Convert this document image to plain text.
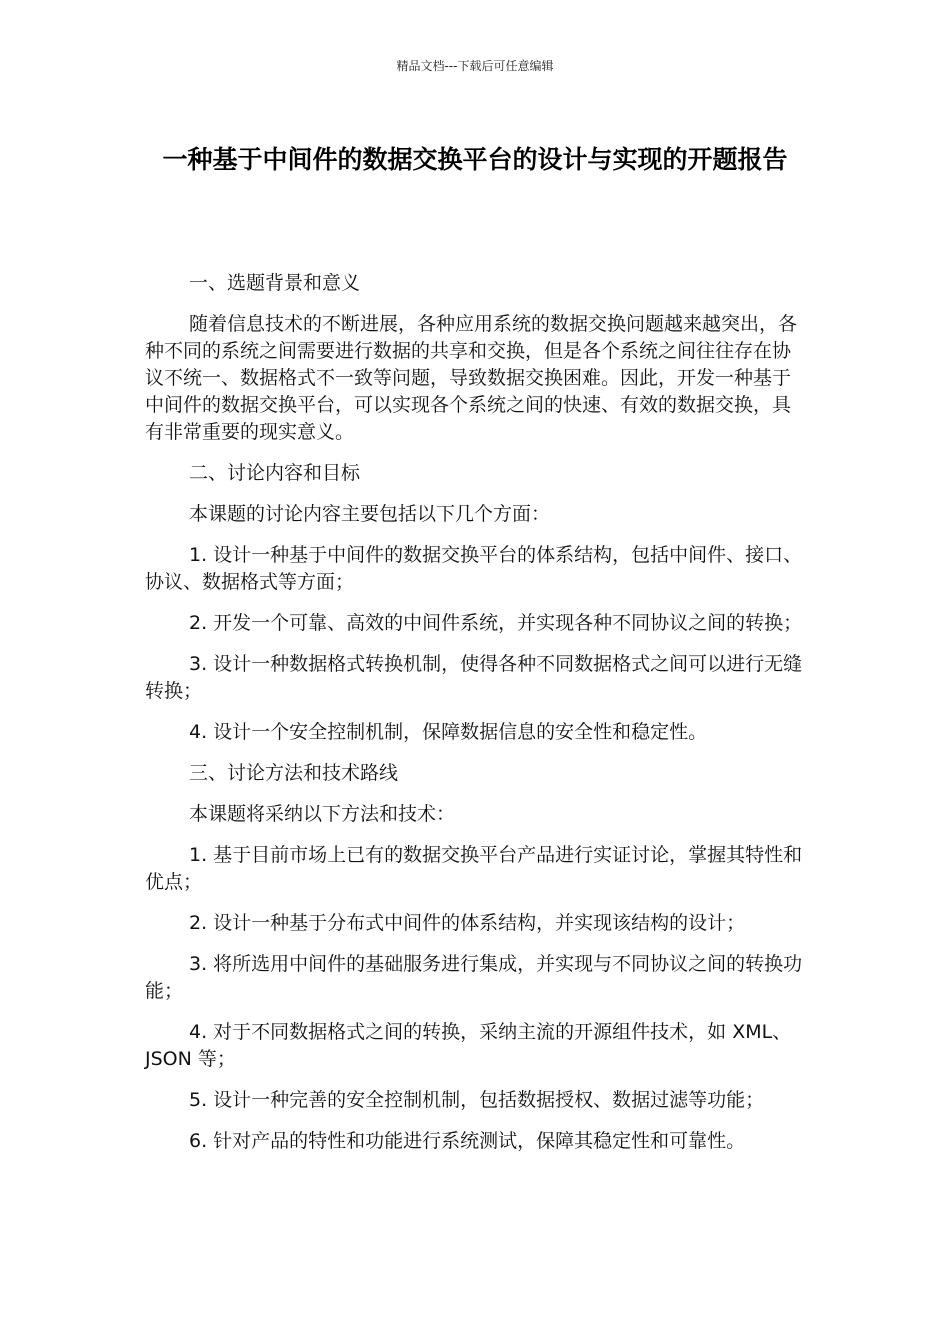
精品文档---下载后可任意编辑
一种基于中间件的数据交换平台的设计与实现的开题报告

一、选题背景和意义

随着信息技术的不断进展，各种应用系统的数据交换问题越来越突出，各种不同的系统之间需要进行数据的共享和交换，但是各个系统之间往往存在协议不统一、数据格式不一致等问题，导致数据交换困难。因此，开发一种基于中间件的数据交换平台，可以实现各个系统之间的快速、有效的数据交换，具有非常重要的现实意义。

二、讨论内容和目标

本课题的讨论内容主要包括以下几个方面：

1. 设计一种基于中间件的数据交换平台的体系结构，包括中间件、接口、协议、数据格式等方面；

2. 开发一个可靠、高效的中间件系统，并实现各种不同协议之间的转换；

3. 设计一种数据格式转换机制，使得各种不同数据格式之间可以进行无缝转换；

4. 设计一个安全控制机制，保障数据信息的安全性和稳定性。

三、讨论方法和技术路线

本课题将采纳以下方法和技术：

1. 基于目前市场上已有的数据交换平台产品进行实证讨论，掌握其特性和优点；

2. 设计一种基于分布式中间件的体系结构，并实现该结构的设计；

3. 将所选用中间件的基础服务进行集成，并实现与不同协议之间的转换功能；

4. 对于不同数据格式之间的转换，采纳主流的开源组件技术，如 XML、JSON 等；

5. 设计一种完善的安全控制机制，包括数据授权、数据过滤等功能；

6. 针对产品的特性和功能进行系统测试，保障其稳定性和可靠性。
